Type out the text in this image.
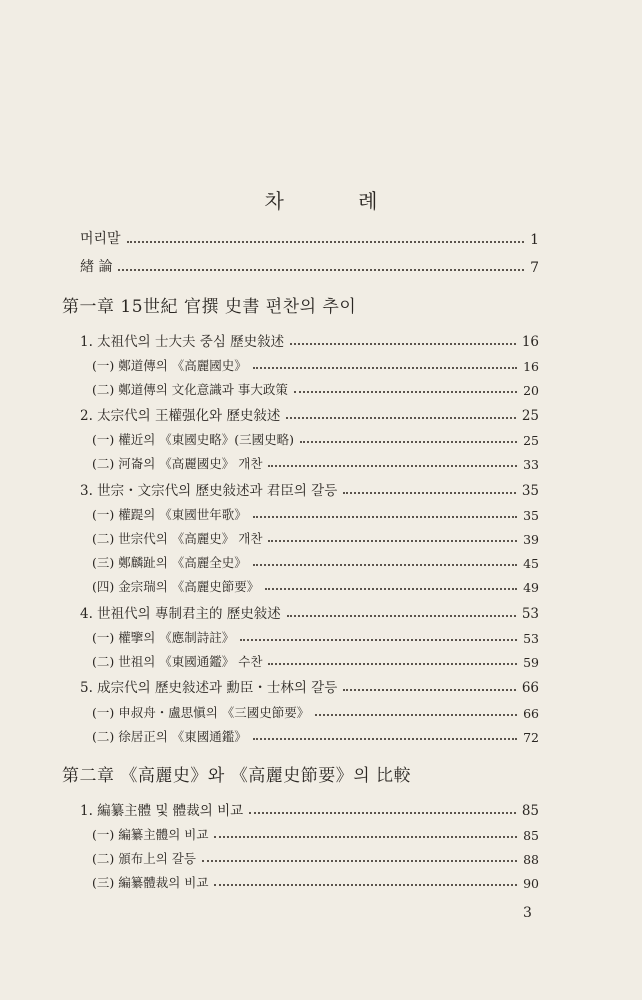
차 례
머리말	1
緖 論	7
第一章 15世紀 官撰 史書 편찬의 추이
1. 太祖代의 士大夫 중심 歷史敍述	16
(一) 鄭道傳의 《高麗國史》	16
(二) 鄭道傳의 文化意識과 事大政策	20
2. 太宗代의 王權强化와 歷史敍述	25
(一) 權近의 《東國史略》(三國史略)	25
(二) 河崙의 《高麗國史》 개찬	33
3. 世宗・文宗代의 歷史敍述과 君臣의 갈등	35
(一) 權踶의 《東國世年歌》	35
(二) 世宗代의 《高麗史》 개찬	39
(三) 鄭麟趾의 《高麗全史》	45
(四) 金宗瑞의 《高麗史節要》	49
4. 世祖代의 專制君主的 歷史敍述	53
(一) 權擥의 《應制詩註》	53
(二) 世祖의 《東國通鑑》 수찬	59
5. 成宗代의 歷史敍述과 勳臣・士林의 갈등	66
(一) 申叔舟・盧思愼의 《三國史節要》	66
(二) 徐居正의 《東國通鑑》	72
第二章 《高麗史》와 《高麗史節要》의 比較
1. 編纂主體 및 體裁의 비교	85
(一) 編纂主體의 비교	85
(二) 頒布上의 갈등	88
(三) 編纂體裁의 비교	90
3
